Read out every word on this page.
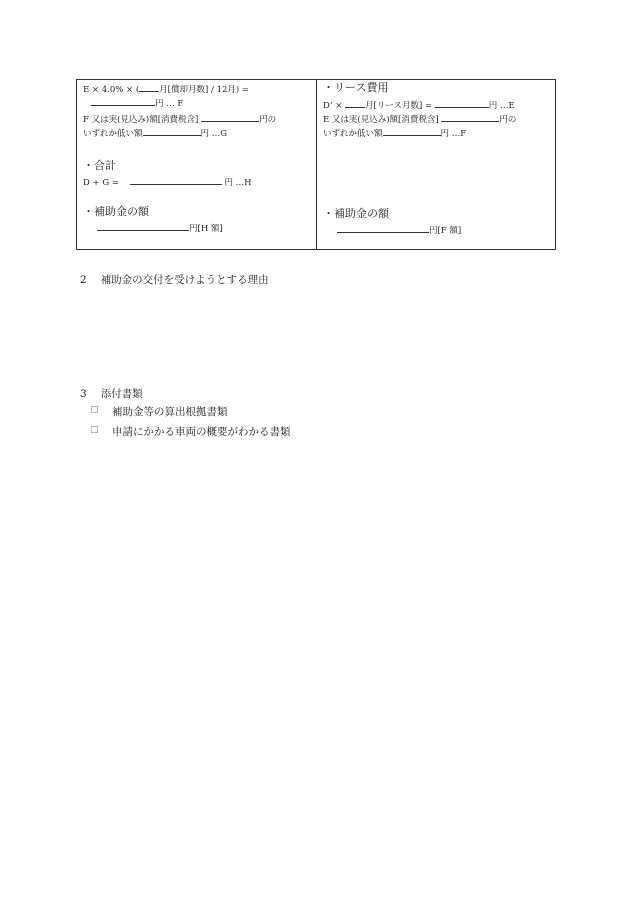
E × 4.0% × ( 月[償却月数] / 12月) =
円 … F
F 又は実(見込み)額[消費税含]	円の
いずれか低い額	円 …G
・合計
D + G =	円 …H
・補助金の額
円[H 額]
・リース費用
D’ ×	月[リース月数] =	円 …E
E 又は実(見込み)額[消費税含]	円の
いずれか低い額	円 …F
・補助金の額
円[F 額]
2 補助金の交付を受けようとする理由
3 添付書類
□ 補助金等の算出根拠書類
□ 申請にかかる車両の概要がわかる書類
